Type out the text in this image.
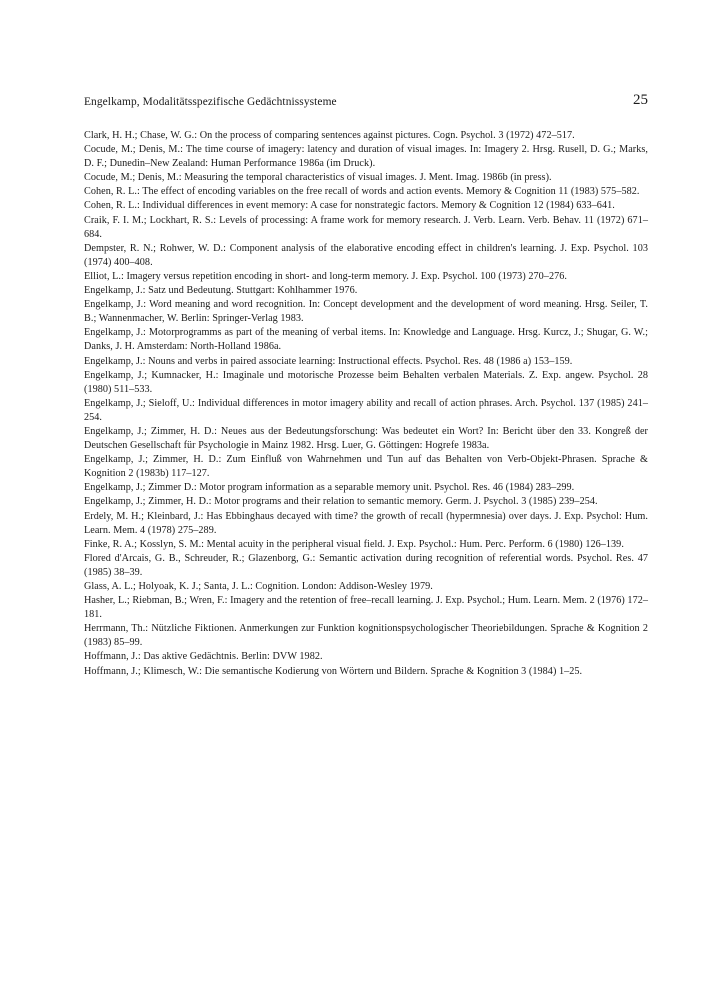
Engelkamp, Modalitätsspezifische Gedächtnissysteme	25
Clark, H. H.; Chase, W. G.: On the process of comparing sentences against pictures. Cogn. Psychol. 3 (1972) 472–517.
Cocude, M.; Denis, M.: The time course of imagery: latency and duration of visual images. In: Imagery 2. Hrsg. Rusell, D. G.; Marks, D. F.; Dunedin–New Zealand: Human Performance 1986a (im Druck).
Cocude, M.; Denis, M.: Measuring the temporal characteristics of visual images. J. Ment. Imag. 1986b (in press).
Cohen, R. L.: The effect of encoding variables on the free recall of words and action events. Memory & Cognition 11 (1983) 575–582.
Cohen, R. L.: Individual differences in event memory: A case for nonstrategic factors. Memory & Cognition 12 (1984) 633–641.
Craik, F. I. M.; Lockhart, R. S.: Levels of processing: A frame work for memory research. J. Verb. Learn. Verb. Behav. 11 (1972) 671–684.
Dempster, R. N.; Rohwer, W. D.: Component analysis of the elaborative encoding effect in children's learning. J. Exp. Psychol. 103 (1974) 400–408.
Elliot, L.: Imagery versus repetition encoding in short- and long-term memory. J. Exp. Psychol. 100 (1973) 270–276.
Engelkamp, J.: Satz und Bedeutung. Stuttgart: Kohlhammer 1976.
Engelkamp, J.: Word meaning and word recognition. In: Concept development and the development of word meaning. Hrsg. Seiler, T. B.; Wannenmacher, W. Berlin: Springer-Verlag 1983.
Engelkamp, J.: Motorprogramms as part of the meaning of verbal items. In: Knowledge and Language. Hrsg. Kurcz, J.; Shugar, G. W.; Danks, J. H. Amsterdam: North-Holland 1986a.
Engelkamp, J.: Nouns and verbs in paired associate learning: Instructional effects. Psychol. Res. 48 (1986 a) 153–159.
Engelkamp, J.; Kumnacker, H.: Imaginale und motorische Prozesse beim Behalten verbalen Materials. Z. Exp. angew. Psychol. 28 (1980) 511–533.
Engelkamp, J.; Sieloff, U.: Individual differences in motor imagery ability and recall of action phrases. Arch. Psychol. 137 (1985) 241–254.
Engelkamp, J.; Zimmer, H. D.: Neues aus der Bedeutungsforschung: Was bedeutet ein Wort? In: Bericht über den 33. Kongreß der Deutschen Gesellschaft für Psychologie in Mainz 1982. Hrsg. Luer, G. Göttingen: Hogrefe 1983a.
Engelkamp, J.; Zimmer, H. D.: Zum Einfluß von Wahrnehmen und Tun auf das Behalten von Verb-Objekt-Phrasen. Sprache & Kognition 2 (1983b) 117–127.
Engelkamp, J.; Zimmer D.: Motor program information as a separable memory unit. Psychol. Res. 46 (1984) 283–299.
Engelkamp, J.; Zimmer, H. D.: Motor programs and their relation to semantic memory. Germ. J. Psychol. 3 (1985) 239–254.
Erdely, M. H.; Kleinbard, J.: Has Ebbinghaus decayed with time? the growth of recall (hypermnesia) over days. J. Exp. Psychol: Hum. Learn. Mem. 4 (1978) 275–289.
Finke, R. A.; Kosslyn, S. M.: Mental acuity in the peripheral visual field. J. Exp. Psychol.: Hum. Perc. Perform. 6 (1980) 126–139.
Flored d'Arcais, G. B., Schreuder, R.; Glazenborg, G.: Semantic activation during recognition of referential words. Psychol. Res. 47 (1985) 38–39.
Glass, A. L.; Holyoak, K. J.; Santa, J. L.: Cognition. London: Addison-Wesley 1979.
Hasher, L.; Riebman, B.; Wren, F.: Imagery and the retention of free–recall learning. J. Exp. Psychol.; Hum. Learn. Mem. 2 (1976) 172–181.
Herrmann, Th.: Nützliche Fiktionen. Anmerkungen zur Funktion kognitionspsychologischer Theoriebildungen. Sprache & Kognition 2 (1983) 85–99.
Hoffmann, J.: Das aktive Gedächtnis. Berlin: DVW 1982.
Hoffmann, J.; Klimesch, W.: Die semantische Kodierung von Wörtern und Bildern. Sprache & Kognition 3 (1984) 1–25.
